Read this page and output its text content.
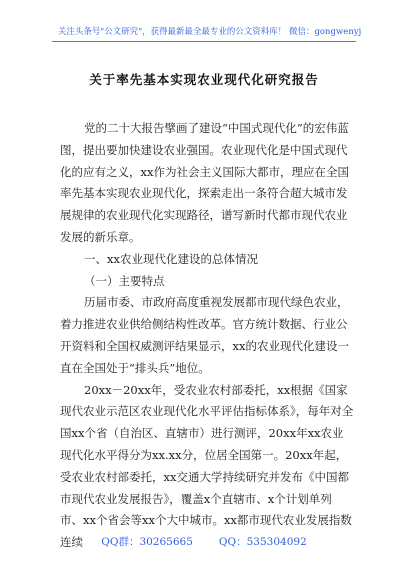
关注头条号"公文研究"，获得最新最全最专业的公文资料库！ 微信：gongwenyj
关于率先基本实现农业现代化研究报告

党的二十大报告擘画了建设“中国式现代化”的宏伟蓝图，提出要加快建设农业强国。农业现代化是中国式现代化的应有之义，xx作为社会主义国际大都市，理应在全国率先基本实现农业现代化，探索走出一条符合超大城市发展规律的农业现代化实现路径，谱写新时代都市现代农业发展的新乐章。

一、xx农业现代化建设的总体情况

（一）主要特点

历届市委、市政府高度重视发展都市现代绿色农业，着力推进农业供给侧结构性改革。官方统计数据、行业公开资料和全国权威测评结果显示，xx的农业现代化建设一直在全国处于“排头兵”地位。

20xx－20xx年，受农业农村部委托，xx根据《国家现代农业示范区农业现代化水平评估指标体系》，每年对全国xx个省（自治区、直辖市）进行测评，20xx年xx农业现代化水平得分为xx.xx分，位居全国第一。20xx年起，受农业农村部委托，xx交通大学持续研究并发布《中国都市现代农业发展报告》，覆盖x个直辖市、x个计划单列市、xx个省会等xx个大中城市。xx都市现代农业发展指数连续	QQ群：30265665 QQ：535304092
